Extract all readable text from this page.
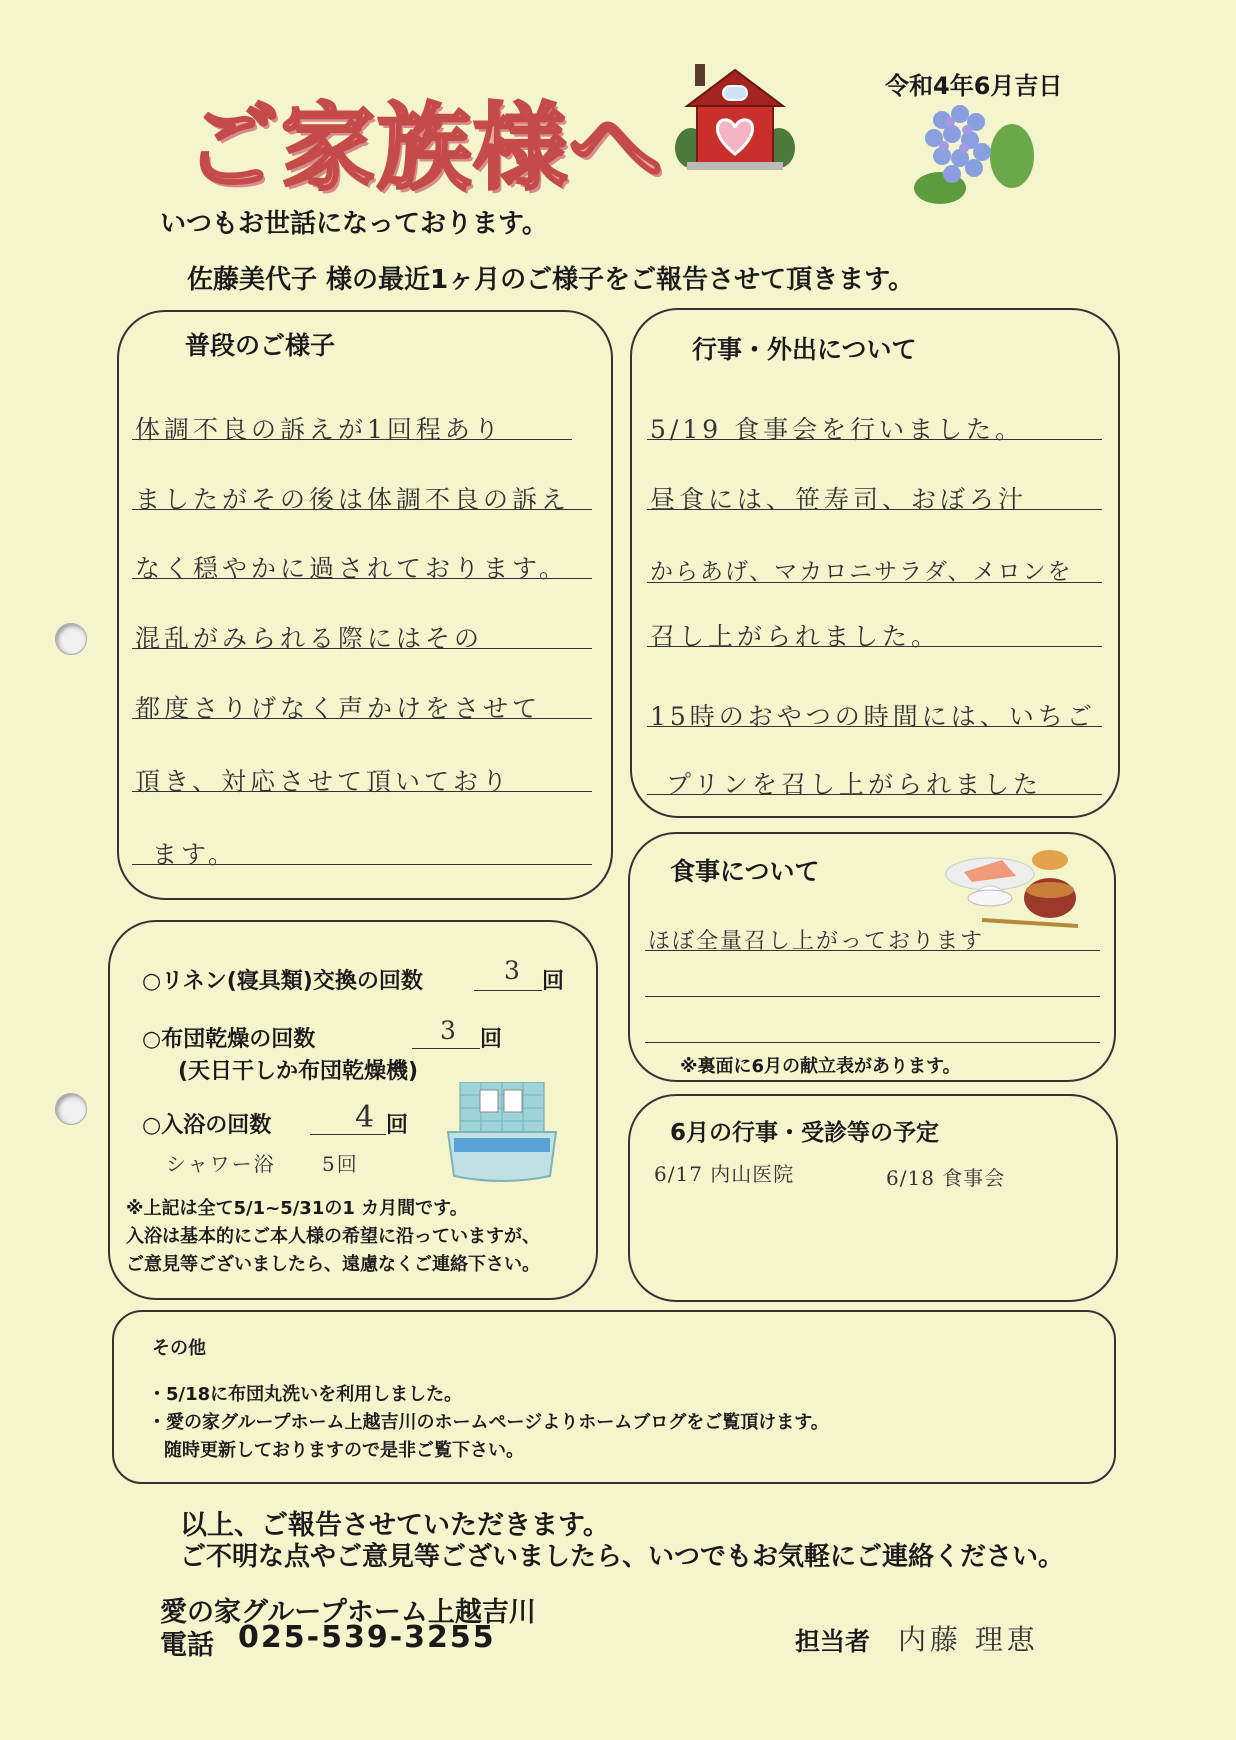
ご家族様へ
令和4年6月吉日
いつもお世話になっております。
佐藤美代子 様の最近1ヶ月のご様子をご報告させて頂きます。
普段のご様子
体調不良の訴えが1回程あり
ましたがその後は体調不良の訴え
なく穏やかに過されております。
混乱がみられる際にはその
都度さりげなく声かけをさせて
頂き、対応させて頂いており
ます。
行事・外出について
5/19 食事会を行いました。
昼食には、笹寿司、おぼろ汁
からあげ、マカロニサラダ、メロンを
召し上がられました。
15時のおやつの時間には、いちご
プリンを召し上がられました
食事について
ほぼ全量召し上がっております
※裏面に6月の献立表があります。
○リネン(寝具類)交換の回数	3 回
○布団乾燥の回数	3 回
(天日干しか布団乾燥機)
○入浴の回数	4 回
シャワー浴 5回
※上記は全て5/1~5/31の1 カ月間です。
入浴は基本的にご本人様の希望に沿っていますが、
ご意見等ございましたら、遠慮なくご連絡下さい。
6月の行事・受診等の予定
6/17 内山医院	6/18 食事会
その他
・5/18に布団丸洗いを利用しました。
・愛の家グループホーム上越吉川のホームページよりホームブログをご覧頂けます。
随時更新しておりますので是非ご覧下さい。
以上、ご報告させていただきます。
ご不明な点やご意見等ございましたら、いつでもお気軽にご連絡ください。
愛の家グループホーム上越吉川
電話 025-539-3255	担当者 内藤 理恵
